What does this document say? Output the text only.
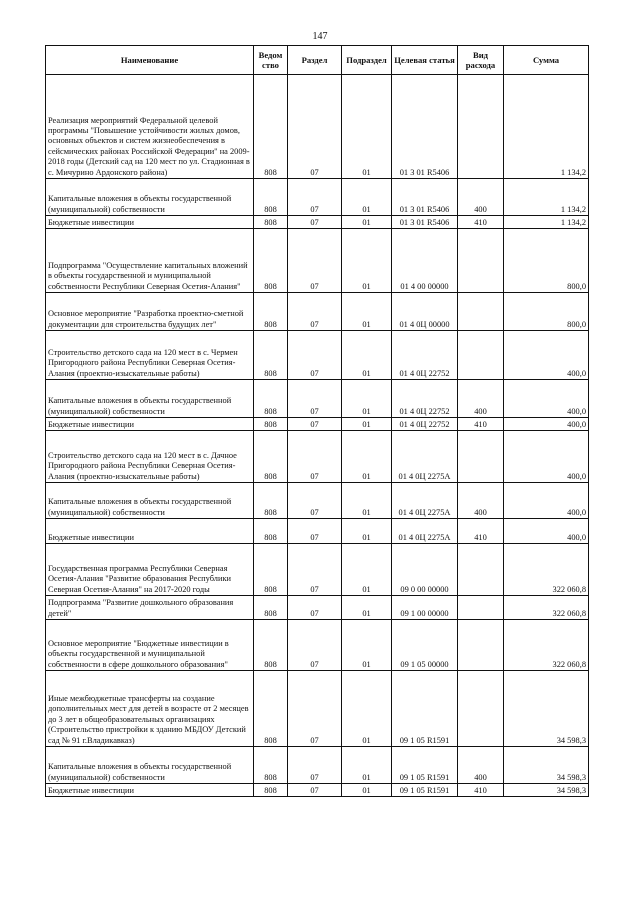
147
Наименование	Ведом ство	Раздел	Подраздел	Целевая статья	Вид расхода	Сумма
Реализация мероприятий Федеральной целевой программы "Повышение устойчивости жилых домов, основных объектов и систем жизнеобеспечения в сейсмических районах Российской Федерации" на 2009-2018 годы (Детский сад на 120 мест по ул. Стадионная в с. Мичурино Ардонского района)	808	07	01	01 3 01 R5406		1 134,2
Капитальные вложения в объекты государственной (муниципальной) собственности	808	07	01	01 3 01 R5406	400	1 134,2
Бюджетные инвестиции	808	07	01	01 3 01 R5406	410	1 134,2
Подпрограмма "Осуществление капитальных вложений в объекты государственной и муниципальной собственности Республики Северная Осетия-Алания"	808	07	01	01 4 00 00000		800,0
Основное мероприятие "Разработка проектно-сметной документации для строительства будущих лет"	808	07	01	01 4 0Ц 00000		800,0
Строительство детского сада на 120 мест в с. Чермен Пригородного района Республики Северная Осетия-Алания (проектно-изыскательные работы)	808	07	01	01 4 0Ц 22752		400,0
Капитальные вложения в объекты государственной (муниципальной) собственности	808	07	01	01 4 0Ц 22752	400	400,0
Бюджетные инвестиции	808	07	01	01 4 0Ц 22752	410	400,0
Строительство детского сада на 120 мест в с. Дачное Пригородного района Республики Северная Осетия-Алания (проектно-изыскательные работы)	808	07	01	01 4 0Ц 2275А		400,0
Капитальные вложения в объекты государственной (муниципальной) собственности	808	07	01	01 4 0Ц 2275А	400	400,0
Бюджетные инвестиции	808	07	01	01 4 0Ц 2275А	410	400,0
Государственная программа Республики Северная Осетия-Алания "Развитие образования Республики Северная Осетия-Алания" на 2017-2020 годы	808	07	01	09 0 00 00000		322 060,8
Подпрограмма "Развитие дошкольного образования детей"	808	07	01	09 1 00 00000		322 060,8
Основное мероприятие "Бюджетные инвестиции в объекты государственной и муниципальной собственности в сфере дошкольного образования"	808	07	01	09 1 05 00000		322 060,8
Иные межбюджетные трансферты на создание дополнительных мест для детей в возрасте от 2 месяцев до 3 лет в общеобразовательных организациях (Строительство пристройки к зданию МБДОУ Детский сад № 91 г.Владикавказ)	808	07	01	09 1 05 R1591		34 598,3
Капитальные вложения в объекты государственной (муниципальной) собственности	808	07	01	09 1 05 R1591	400	34 598,3
Бюджетные инвестиции	808	07	01	09 1 05 R1591	410	34 598,3
